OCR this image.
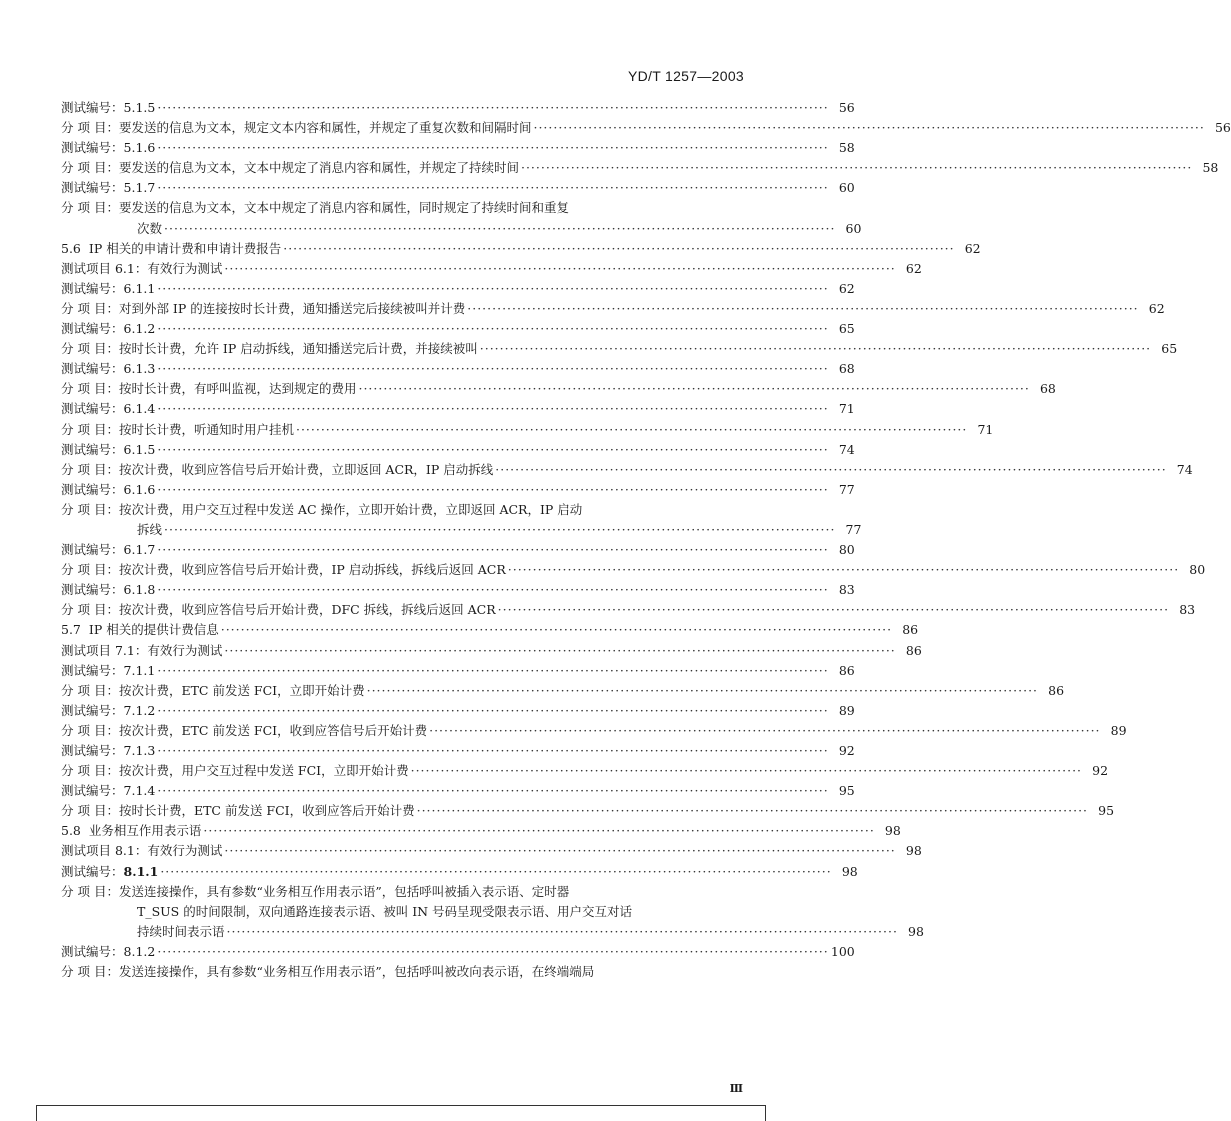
YD/T 1257—2003
测试编号： 5.1.5 ·····	56
分 项 目： 要发送的信息为文本，规定文本内容和属性，并规定了重复次数和间隔时间 ·····	56
测试编号： 5.1.6 ·····	58
分 项 目： 要发送的信息为文本，文本中规定了消息内容和属性，并规定了持续时间 ·····	58
测试编号： 5.1.7 ·····	60
分 项 目： 要发送的信息为文本，文本中规定了消息内容和属性，同时规定了持续时间和重复
次数 ·····	60
5.6 IP 相关的申请计费和申请计费报告 ·····	62
测试项目 6.1： 有效行为测试 ·····	62
测试编号： 6.1.1 ·····	62
分 项 目： 对到外部 IP 的连接按时长计费，通知播送完后接续被叫并计费 ·····	62
测试编号： 6.1.2 ·····	65
分 项 目： 按时长计费，允许 IP 启动拆线，通知播送完后计费，并接续被叫 ·····	65
测试编号： 6.1.3 ·····	68
分 项 目： 按时长计费，有呼叫监视，达到规定的费用 ·····	68
测试编号： 6.1.4 ·····	71
分 项 目： 按时长计费，听通知时用户挂机 ·····	71
测试编号： 6.1.5 ·····	74
分 项 目： 按次计费，收到应答信号后开始计费，立即返回 ACR，IP 启动拆线 ·····	74
测试编号： 6.1.6 ·····	77
分 项 目： 按次计费，用户交互过程中发送 AC 操作，立即开始计费，立即返回 ACR，IP 启动
拆线 ·····	77
测试编号： 6.1.7 ·····	80
分 项 目： 按次计费，收到应答信号后开始计费，IP 启动拆线，拆线后返回 ACR ·····	80
测试编号： 6.1.8 ·····	83
分 项 目： 按次计费，收到应答信号后开始计费，DFC 拆线，拆线后返回 ACR ·····	83
5.7 IP 相关的提供计费信息 ·····	86
测试项目 7.1： 有效行为测试 ·····	86
测试编号： 7.1.1 ·····	86
分 项 目： 按次计费，ETC 前发送 FCI，立即开始计费 ·····	86
测试编号： 7.1.2 ·····	89
分 项 目： 按次计费，ETC 前发送 FCI，收到应答信号后开始计费 ·····	89
测试编号： 7.1.3 ·····	92
分 项 目： 按次计费，用户交互过程中发送 FCI，立即开始计费 ·····	92
测试编号： 7.1.4 ·····	95
分 项 目： 按时长计费，ETC 前发送 FCI，收到应答后开始计费 ·····	95
5.8 业务相互作用表示语 ·····	98
测试项目 8.1： 有效行为测试 ·····	98
测试编号： 8.1.1 ·····	98
分 项 目： 发送连接操作，具有参数“业务相互作用表示语”，包括呼叫被插入表示语、定时器
T_SUS 的时间限制，双向通路连接表示语、被叫 IN 号码呈现受限表示语、用户交互对话
持续时间表示语 ·····	98
测试编号： 8.1.2 ·····	100
分 项 目： 发送连接操作，具有参数“业务相互作用表示语”，包括呼叫被改向表示语，在终端端局
Ⅲ
